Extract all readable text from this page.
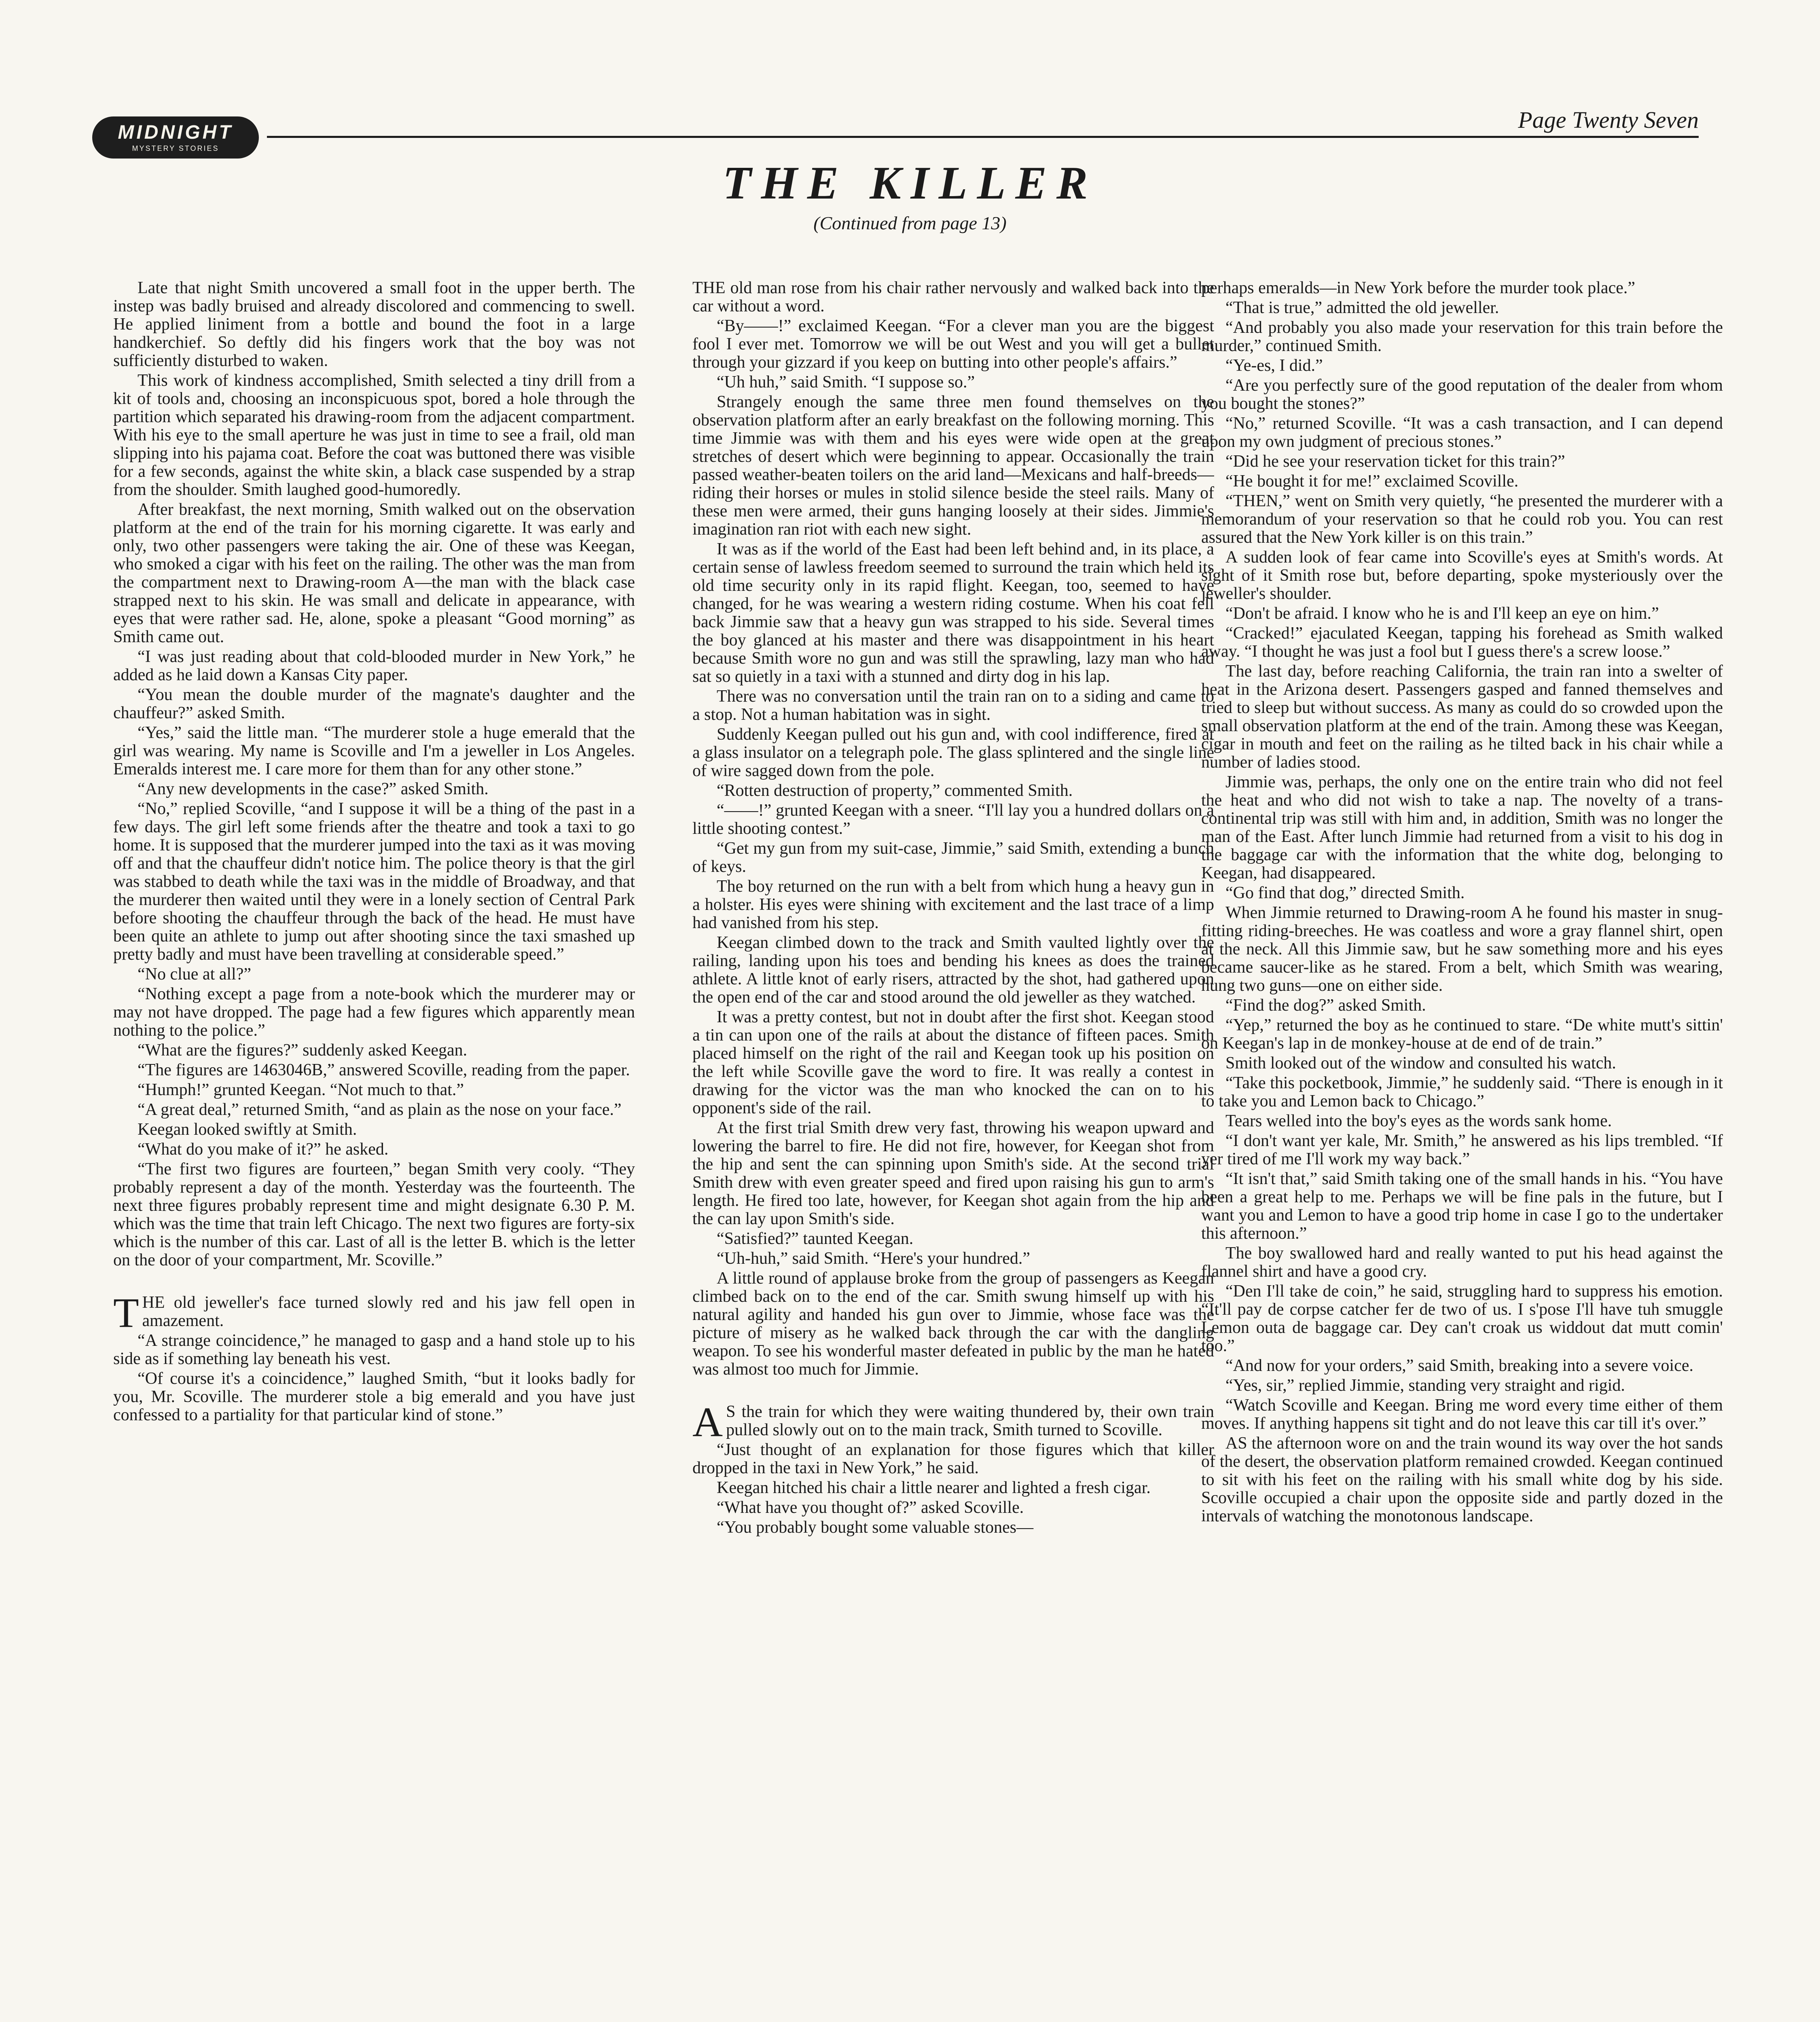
MIDNIGHT
MYSTERY STORIES
Page Twenty Seven
THE KILLER
(Continued from page 13)

Late that night Smith uncovered a small foot in the upper berth. The instep was badly bruised and already discolored and commencing to swell. He applied liniment from a bottle and bound the foot in a large handkerchief. So deftly did his fingers work that the boy was not sufficiently disturbed to waken.

This work of kindness accomplished, Smith selected a tiny drill from a kit of tools and, choosing an inconspicuous spot, bored a hole through the partition which separated his drawing-room from the adjacent compartment. With his eye to the small aperture he was just in time to see a frail, old man slipping into his pajama coat. Before the coat was buttoned there was visible for a few seconds, against the white skin, a black case suspended by a strap from the shoulder. Smith laughed good-humoredly.

After breakfast, the next morning, Smith walked out on the observation platform at the end of the train for his morning cigarette. It was early and only, two other passengers were taking the air. One of these was Keegan, who smoked a cigar with his feet on the railing. The other was the man from the compartment next to Drawing-room A—the man with the black case strapped next to his skin. He was small and delicate in appearance, with eyes that were rather sad. He, alone, spoke a pleasant “Good morning” as Smith came out.

“I was just reading about that cold-blooded murder in New York,” he added as he laid down a Kansas City paper.

“You mean the double murder of the magnate's daughter and the chauffeur?” asked Smith.

“Yes,” said the little man. “The murderer stole a huge emerald that the girl was wearing. My name is Scoville and I'm a jeweller in Los Angeles. Emeralds interest me. I care more for them than for any other stone.”

“Any new developments in the case?” asked Smith.

“No,” replied Scoville, “and I suppose it will be a thing of the past in a few days. The girl left some friends after the theatre and took a taxi to go home. It is supposed that the murderer jumped into the taxi as it was moving off and that the chauffeur didn't notice him. The police theory is that the girl was stabbed to death while the taxi was in the middle of Broadway, and that the murderer then waited until they were in a lonely section of Central Park before shooting the chauffeur through the back of the head. He must have been quite an athlete to jump out after shooting since the taxi smashed up pretty badly and must have been travelling at considerable speed.”

“No clue at all?”

“Nothing except a page from a note-book which the murderer may or may not have dropped. The page had a few figures which apparently mean nothing to the police.”

“What are the figures?” suddenly asked Keegan.

“The figures are 1463046B,” answered Scoville, reading from the paper.

“Humph!” grunted Keegan. “Not much to that.”

“A great deal,” returned Smith, “and as plain as the nose on your face.”

Keegan looked swiftly at Smith.

“What do you make of it?” he asked.

“The first two figures are fourteen,” began Smith very cooly. “They probably represent a day of the month. Yesterday was the fourteenth. The next three figures probably represent time and might designate 6.30 P. M. which was the time that train left Chicago. The next two figures are forty-six which is the number of this car. Last of all is the letter B. which is the letter on the door of your compartment, Mr. Scoville.”

THE old jeweller's face turned slowly red and his jaw fell open in amazement.

“A strange coincidence,” he managed to gasp and a hand stole up to his side as if something lay beneath his vest.

“Of course it's a coincidence,” laughed Smith, “but it looks badly for you, Mr. Scoville. The murderer stole a big emerald and you have just confessed to a partiality for that particular kind of stone.”

THE old man rose from his chair rather nervously and walked back into the car without a word.

“By——!” exclaimed Keegan. “For a clever man you are the biggest fool I ever met. Tomorrow we will be out West and you will get a bullet through your gizzard if you keep on butting into other people's affairs.”

“Uh huh,” said Smith. “I suppose so.”

Strangely enough the same three men found themselves on the observation platform after an early breakfast on the following morning. This time Jimmie was with them and his eyes were wide open at the great stretches of desert which were beginning to appear. Occasionally the train passed weather-beaten toilers on the arid land—Mexicans and half-breeds—riding their horses or mules in stolid silence beside the steel rails. Many of these men were armed, their guns hanging loosely at their sides. Jimmie's imagination ran riot with each new sight.

It was as if the world of the East had been left behind and, in its place, a certain sense of lawless freedom seemed to surround the train which held its old time security only in its rapid flight. Keegan, too, seemed to have changed, for he was wearing a western riding costume. When his coat fell back Jimmie saw that a heavy gun was strapped to his side. Several times the boy glanced at his master and there was disappointment in his heart because Smith wore no gun and was still the sprawling, lazy man who had sat so quietly in a taxi with a stunned and dirty dog in his lap.

There was no conversation until the train ran on to a siding and came to a stop. Not a human habitation was in sight.

Suddenly Keegan pulled out his gun and, with cool indifference, fired at a glass insulator on a telegraph pole. The glass splintered and the single line of wire sagged down from the pole.

“Rotten destruction of property,” commented Smith.

“——!” grunted Keegan with a sneer. “I'll lay you a hundred dollars on a little shooting contest.”

“Get my gun from my suit-case, Jimmie,” said Smith, extending a bunch of keys.

The boy returned on the run with a belt from which hung a heavy gun in a holster. His eyes were shining with excitement and the last trace of a limp had vanished from his step.

Keegan climbed down to the track and Smith vaulted lightly over the railing, landing upon his toes and bending his knees as does the trained athlete. A little knot of early risers, attracted by the shot, had gathered upon the open end of the car and stood around the old jeweller as they watched.

It was a pretty contest, but not in doubt after the first shot. Keegan stood a tin can upon one of the rails at about the distance of fifteen paces. Smith placed himself on the right of the rail and Keegan took up his position on the left while Scoville gave the word to fire. It was really a contest in drawing for the victor was the man who knocked the can on to his opponent's side of the rail.

At the first trial Smith drew very fast, throwing his weapon upward and lowering the barrel to fire. He did not fire, however, for Keegan shot from the hip and sent the can spinning upon Smith's side. At the second trial Smith drew with even greater speed and fired upon raising his gun to arm's length. He fired too late, however, for Keegan shot again from the hip and the can lay upon Smith's side.

“Satisfied?” taunted Keegan.

“Uh-huh,” said Smith. “Here's your hundred.”

A little round of applause broke from the group of passengers as Keegan climbed back on to the end of the car. Smith swung himself up with his natural agility and handed his gun over to Jimmie, whose face was the picture of misery as he walked back through the car with the dangling weapon. To see his wonderful master defeated in public by the man he hated was almost too much for Jimmie.

A S the train for which they were waiting thundered by, their own train pulled slowly out on to the main track, Smith turned to Scoville.

“Just thought of an explanation for those figures which that killer dropped in the taxi in New York,” he said.

Keegan hitched his chair a little nearer and lighted a fresh cigar.

“What have you thought of?” asked Scoville.

“You probably bought some valuable stones—

perhaps emeralds—in New York before the murder took place.”

“That is true,” admitted the old jeweller.

“And probably you also made your reservation for this train before the murder,” continued Smith.

“Ye-es, I did.”

“Are you perfectly sure of the good reputation of the dealer from whom you bought the stones?”

“No,” returned Scoville. “It was a cash transaction, and I can depend upon my own judgment of precious stones.”

“Did he see your reservation ticket for this train?”

“He bought it for me!” exclaimed Scoville.

“THEN,” went on Smith very quietly, “he presented the murderer with a memorandum of your reservation so that he could rob you. You can rest assured that the New York killer is on this train.”

A sudden look of fear came into Scoville's eyes at Smith's words. At sight of it Smith rose but, before departing, spoke mysteriously over the jeweller's shoulder.

“Don't be afraid. I know who he is and I'll keep an eye on him.”

“Cracked!” ejaculated Keegan, tapping his forehead as Smith walked away. “I thought he was just a fool but I guess there's a screw loose.”

The last day, before reaching California, the train ran into a swelter of heat in the Arizona desert. Passengers gasped and fanned themselves and tried to sleep but without success. As many as could do so crowded upon the small observation platform at the end of the train. Among these was Keegan, cigar in mouth and feet on the railing as he tilted back in his chair while a number of ladies stood.

Jimmie was, perhaps, the only one on the entire train who did not feel the heat and who did not wish to take a nap. The novelty of a trans-continental trip was still with him and, in addition, Smith was no longer the man of the East. After lunch Jimmie had returned from a visit to his dog in the baggage car with the information that the white dog, belonging to Keegan, had disappeared.

“Go find that dog,” directed Smith.

When Jimmie returned to Drawing-room A he found his master in snug-fitting riding-breeches. He was coatless and wore a gray flannel shirt, open at the neck. All this Jimmie saw, but he saw something more and his eyes became saucer-like as he stared. From a belt, which Smith was wearing, hung two guns—one on either side.

“Find the dog?” asked Smith.

“Yep,” returned the boy as he continued to stare. “De white mutt's sittin' on Keegan's lap in de monkey-house at de end of de train.”

Smith looked out of the window and consulted his watch.

“Take this pocketbook, Jimmie,” he suddenly said. “There is enough in it to take you and Lemon back to Chicago.”

Tears welled into the boy's eyes as the words sank home.

“I don't want yer kale, Mr. Smith,” he answered as his lips trembled. “If yer tired of me I'll work my way back.”

“It isn't that,” said Smith taking one of the small hands in his. “You have been a great help to me. Perhaps we will be fine pals in the future, but I want you and Lemon to have a good trip home in case I go to the undertaker this afternoon.”

The boy swallowed hard and really wanted to put his head against the flannel shirt and have a good cry.

“Den I'll take de coin,” he said, struggling hard to suppress his emotion. “It'll pay de corpse catcher fer de two of us. I s'pose I'll have tuh smuggle Lemon outa de baggage car. Dey can't croak us widdout dat mutt comin' too.”

“And now for your orders,” said Smith, breaking into a severe voice.

“Yes, sir,” replied Jimmie, standing very straight and rigid.

“Watch Scoville and Keegan. Bring me word every time either of them moves. If anything happens sit tight and do not leave this car till it's over.”

AS the afternoon wore on and the train wound its way over the hot sands of the desert, the observation platform remained crowded. Keegan continued to sit with his feet on the railing with his small white dog by his side. Scoville occupied a chair upon the opposite side and partly dozed in the intervals of watching the monotonous landscape.
